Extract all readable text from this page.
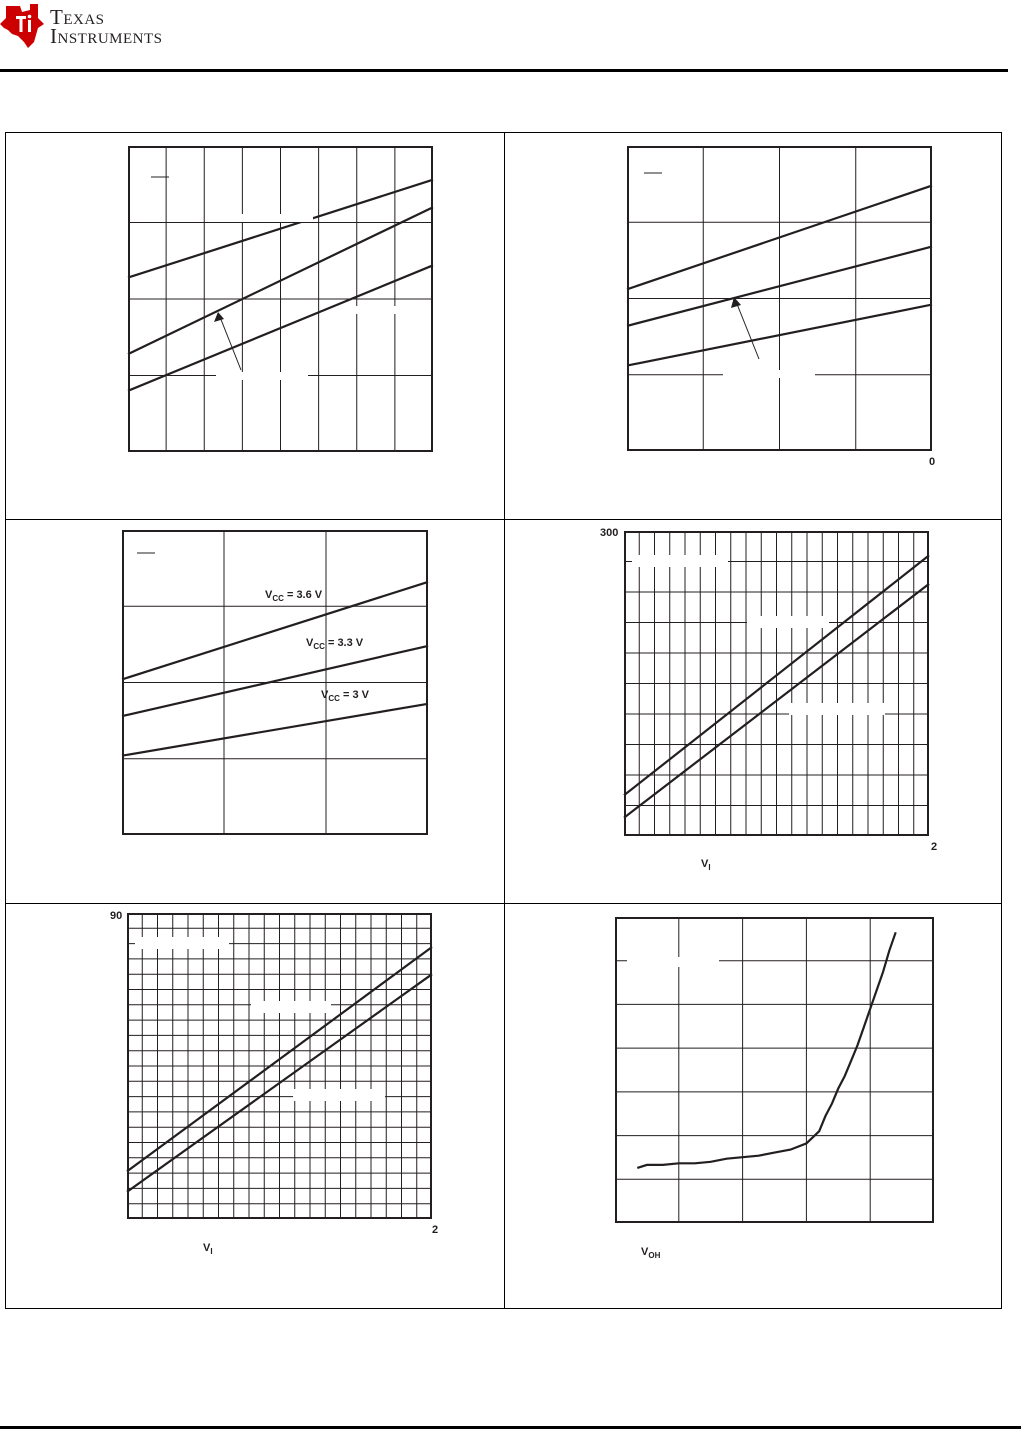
Texas
Instruments
0
$V_{CC} = 3.6$ V
$V_{CC} = 3.3$ V
$V_{CC} = 3$ V
300
2
$V_I$
90
2
$V_I$	$V_{OH}$
